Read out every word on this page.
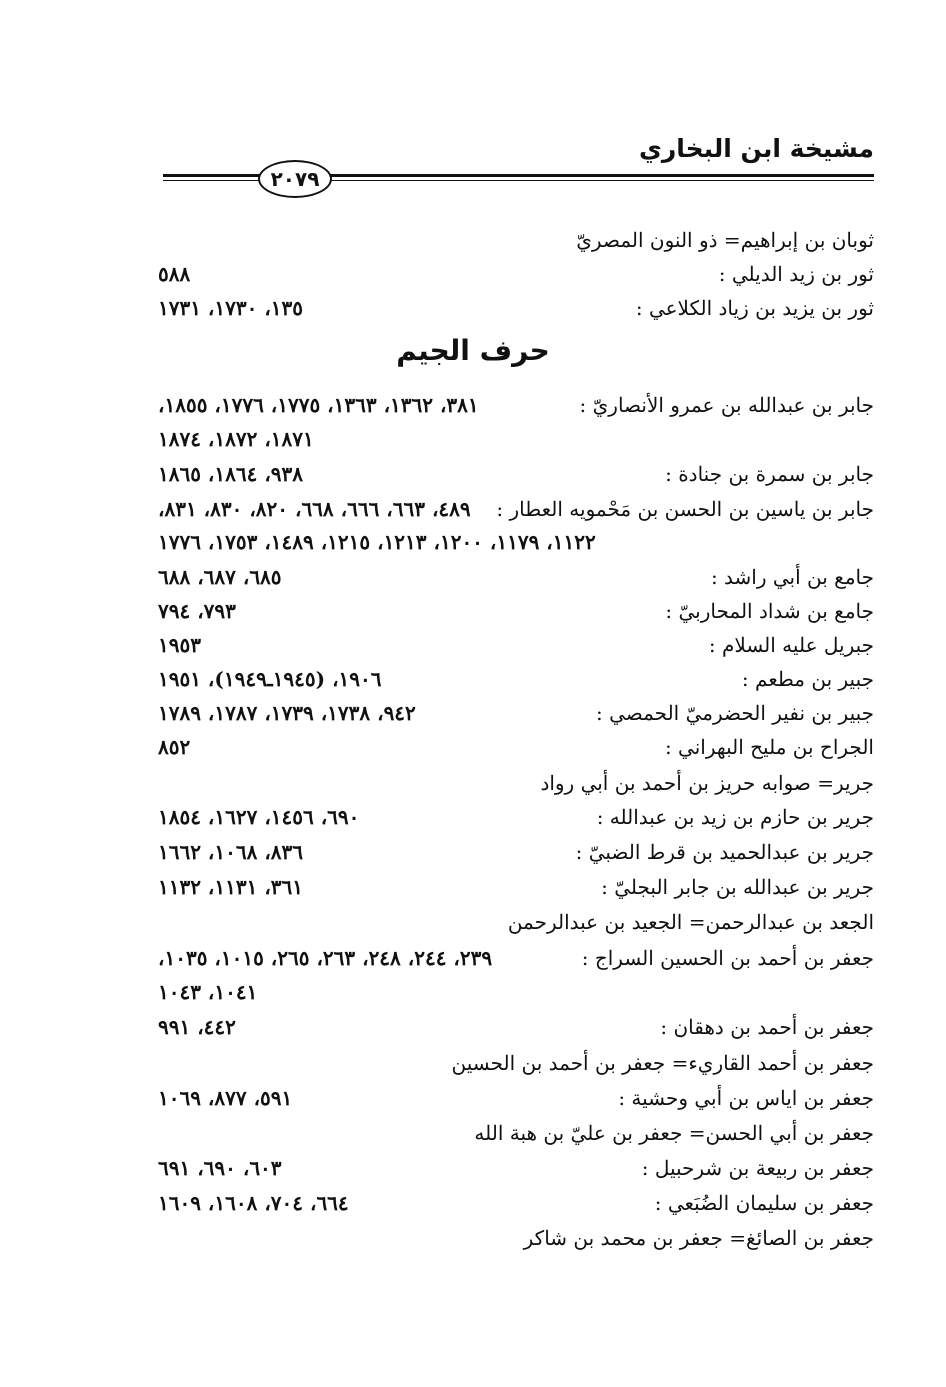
مشيخة ابن البخاري
٢٠٧٩
ثوبان بن إبراهيم= ذو النون المصريّ
ثور بن زيد الديلي :
٥٨٨
ثور بن يزيد بن زياد الكلاعي :
١٣٥، ١٧٣٠، ١٧٣١
حرف الجيم
جابر بن عبدالله بن عمرو الأنصاريّ :
٣٨١، ١٣٦٢، ١٣٦٣، ١٧٧٥، ١٧٧٦، ١٨٥٥،
١٨٧١، ١٨٧٢، ١٨٧٤
جابر بن سمرة بن جنادة :
٩٣٨، ١٨٦٤، ١٨٦٥
جابر بن ياسين بن الحسن بن مَحْمويه العطار :
٤٨٩، ٦٦٣، ٦٦٦، ٦٦٨، ٨٢٠، ٨٣٠، ٨٣١،
١١٢٢، ١١٧٩، ١٢٠٠، ١٢١٣، ١٢١٥، ١٤٨٩، ١٧٥٣، ١٧٧٦
جامع بن أبي راشد :
٦٨٥، ٦٨٧، ٦٨٨
جامع بن شداد المحاربيّ :
٧٩٣، ٧٩٤
جبريل عليه السلام :
١٩٥٣
جبير بن مطعم :
١٩٠٦، (١٩٤٥ـ١٩٤٩)، ١٩٥١
جبير بن نفير الحضرميّ الحمصي :
٩٤٢، ١٧٣٨، ١٧٣٩، ١٧٨٧، ١٧٨٩
الجراح بن مليح البهراني :
٨٥٢
جرير= صوابه حريز بن أحمد بن أبي رواد
جرير بن حازم بن زيد بن عبدالله :
٦٩٠، ١٤٥٦، ١٦٢٧، ١٨٥٤
جرير بن عبدالحميد بن قرط الضبيّ :
٨٣٦، ١٠٦٨، ١٦٦٢
جرير بن عبدالله بن جابر البجليّ :
٣٦١، ١١٣١، ١١٣٢
الجعد بن عبدالرحمن= الجعيد بن عبدالرحمن
جعفر بن أحمد بن الحسين السراج :
٢٣٩، ٢٤٤، ٢٤٨، ٢٦٣، ٢٦٥، ١٠١٥، ١٠٣٥،
١٠٤١، ١٠٤٣
جعفر بن أحمد بن دهقان :
٤٤٢، ٩٩١
جعفر بن أحمد القاريء= جعفر بن أحمد بن الحسين
جعفر بن اياس بن أبي وحشية :
٥٩١، ٨٧٧، ١٠٦٩
جعفر بن أبي الحسن= جعفر بن عليّ بن هبة الله
جعفر بن ربيعة بن شرحبيل :
٦٠٣، ٦٩٠، ٦٩١
جعفر بن سليمان الضُبَعي :
٦٦٤، ٧٠٤، ١٦٠٨، ١٦٠٩
جعفر بن الصائغ= جعفر بن محمد بن شاكر
